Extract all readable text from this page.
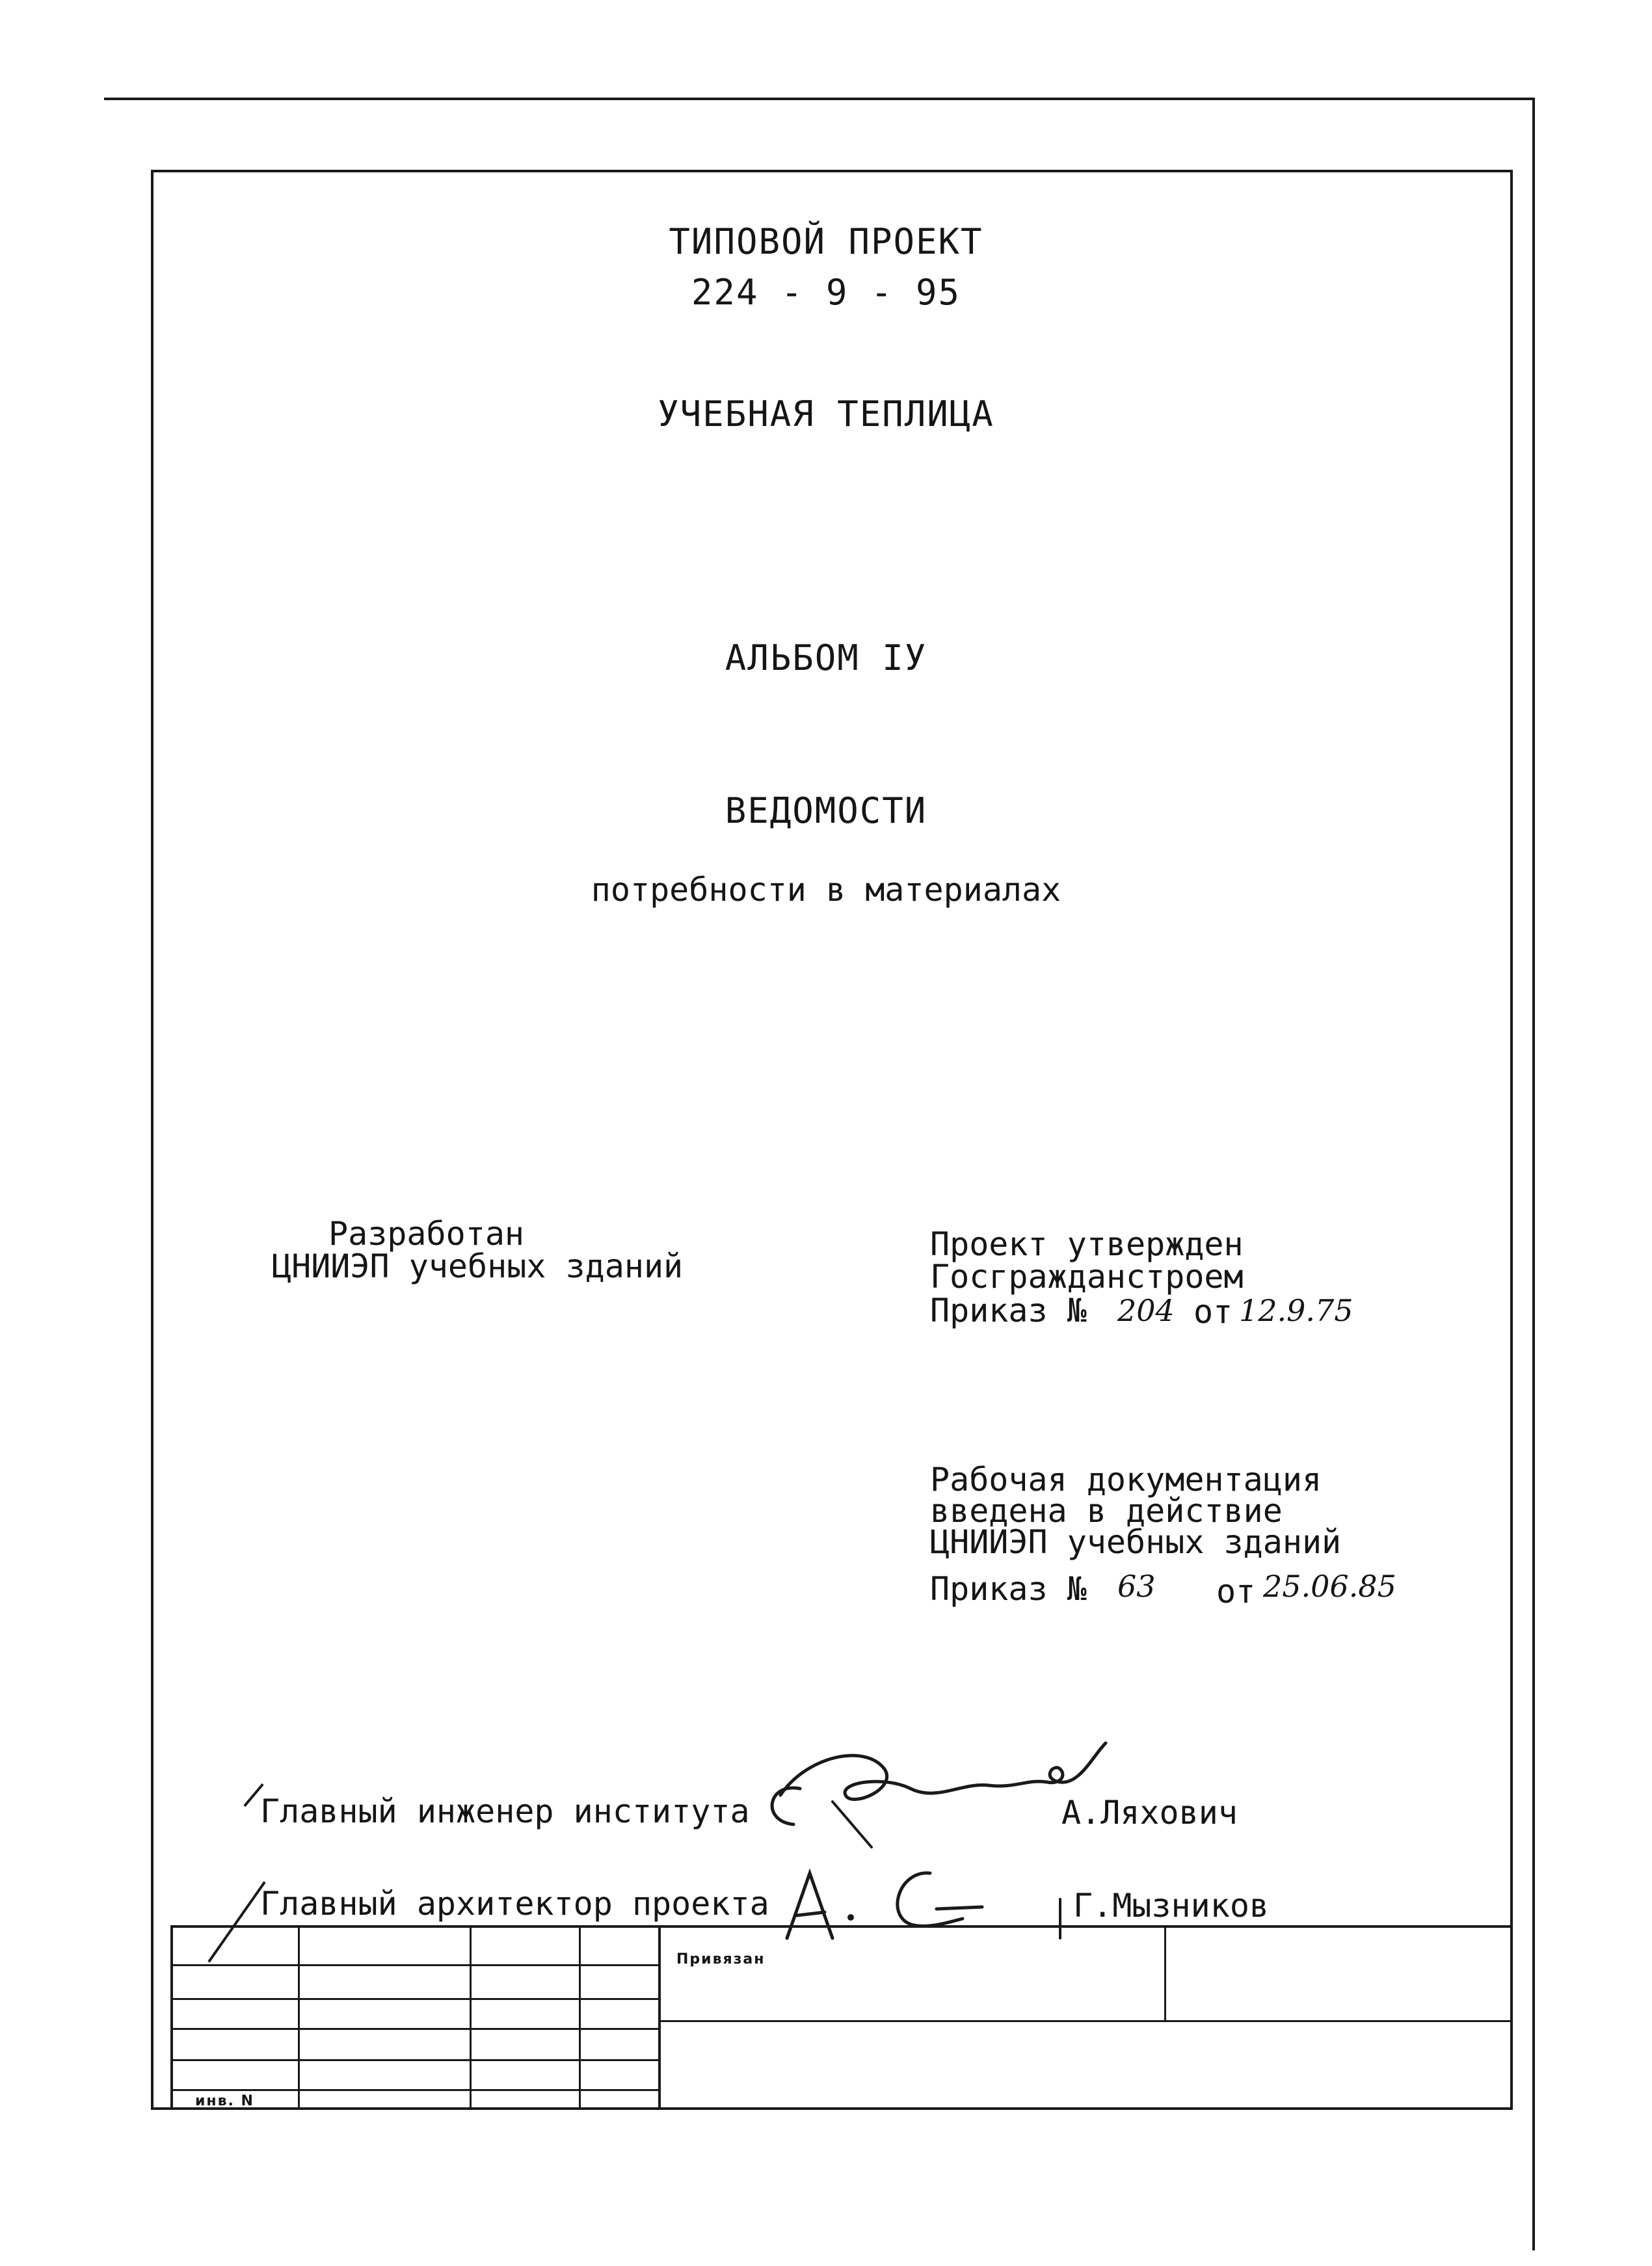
ТИПОВОЙ ПРОЕКТ
224 - 9 - 95
УЧЕБНАЯ ТЕПЛИЦА
АЛЬБОМ IУ
ВЕДОМОСТИ
потребности в материалах
Разработан
ЦНИИЭП учебных зданий
Проект утвержден
Госгражданстроем
Приказ № 204 от 12.9.75
Рабочая документация
введена в действие
ЦНИИЭП учебных зданий
Приказ № 63 от 25.06.85
Главный инженер института	А.Ляхович
Главный архитектор проекта	Г.Мызников
Привязан
инв. N
